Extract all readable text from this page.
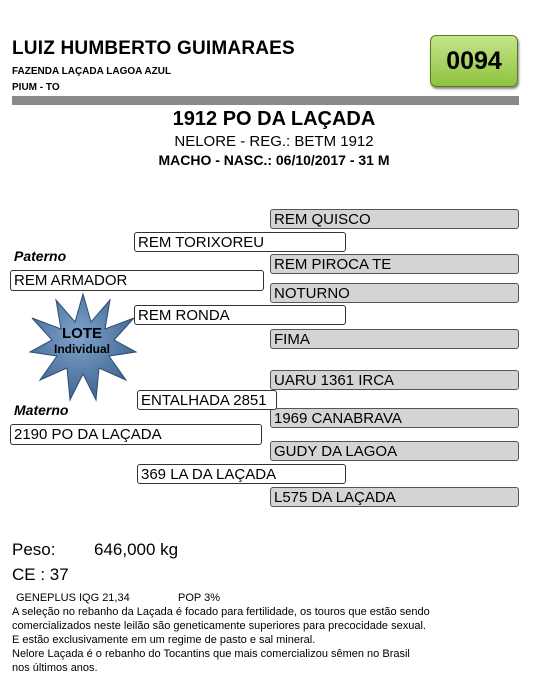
LUIZ HUMBERTO GUIMARAES
FAZENDA LAÇADA LAGOA AZUL
PIUM - TO
0094
1912 PO DA LAÇADA
NELORE - REG.: BETM 1912
MACHO - NASC.: 06/10/2017 - 31 M
REM QUISCO
REM PIROCA TE
NOTURNO
FIMA
UARU 1361 IRCA
1969 CANABRAVA
GUDY DA LAGOA
L575 DA LAÇADA
REM TORIXOREU
REM RONDA
ENTALHADA 2851
369 LA DA LAÇADA
Paterno
REM ARMADOR
Materno
2190 PO DA LAÇADA
LOTE
Individual
Peso: 646,000 kg
CE : 37
GENEPLUS IQG 21,34	POP 3%
A seleção no rebanho da Laçada é focado para fertilidade, os touros que estão sendo
comercializados neste leilão são geneticamente superiores para precocidade sexual.
E estão exclusivamente em um regime de pasto e sal mineral.
Nelore Laçada é o rebanho do Tocantins que mais comercializou sêmen no Brasil
nos últimos anos.
